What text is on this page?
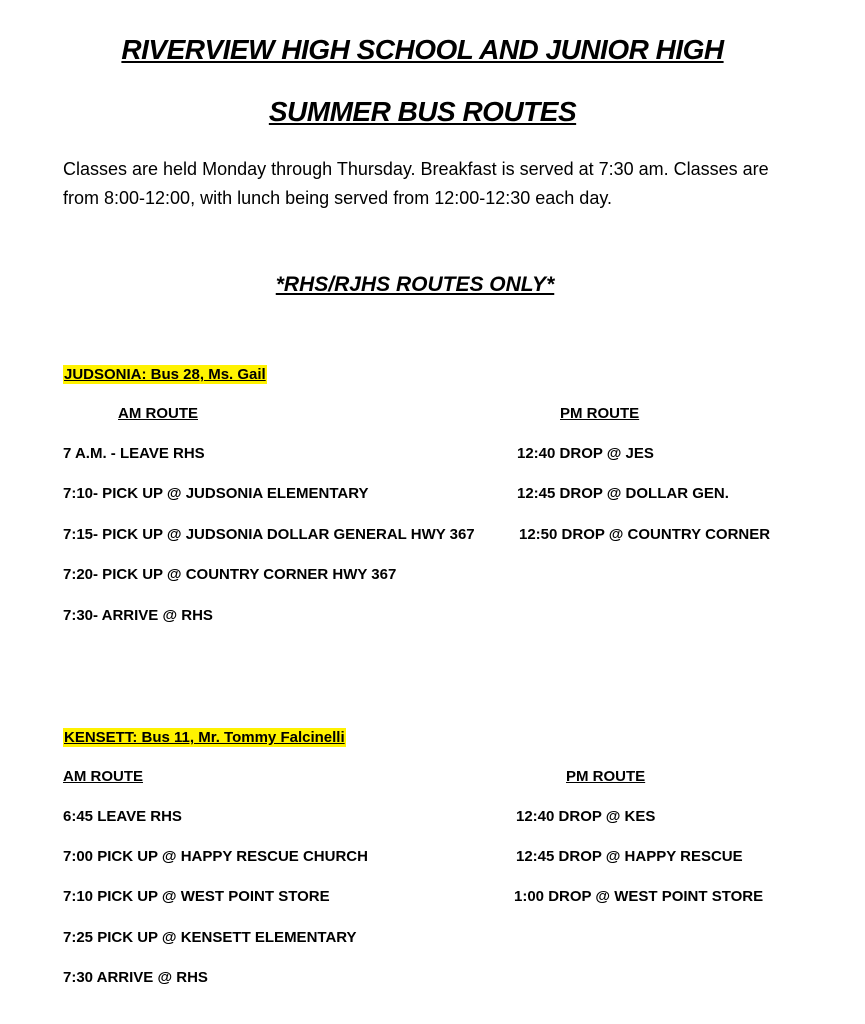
RIVERVIEW HIGH SCHOOL AND JUNIOR HIGH
SUMMER BUS ROUTES
Classes are held Monday through Thursday. Breakfast is served at 7:30 am. Classes are from 8:00-12:00, with lunch being served from 12:00-12:30 each day.
*RHS/RJHS ROUTES ONLY*
JUDSONIA: Bus 28, Ms. Gail
AM ROUTE	PM ROUTE
7 A.M. - LEAVE RHS
7:10- PICK UP @ JUDSONIA ELEMENTARY
7:15- PICK UP @ JUDSONIA DOLLAR GENERAL HWY 367
7:20- PICK UP @ COUNTRY CORNER HWY 367
7:30- ARRIVE @ RHS
12:40 DROP @ JES
12:45 DROP @ DOLLAR GEN.
12:50 DROP @ COUNTRY CORNER
KENSETT: Bus 11, Mr. Tommy Falcinelli
AM ROUTE	PM ROUTE
6:45 LEAVE RHS
7:00 PICK UP @ HAPPY RESCUE CHURCH
7:10 PICK UP @ WEST POINT STORE
7:25 PICK UP @ KENSETT ELEMENTARY
7:30 ARRIVE @ RHS
12:40 DROP @ KES
12:45 DROP @ HAPPY RESCUE
1:00 DROP @ WEST POINT STORE
